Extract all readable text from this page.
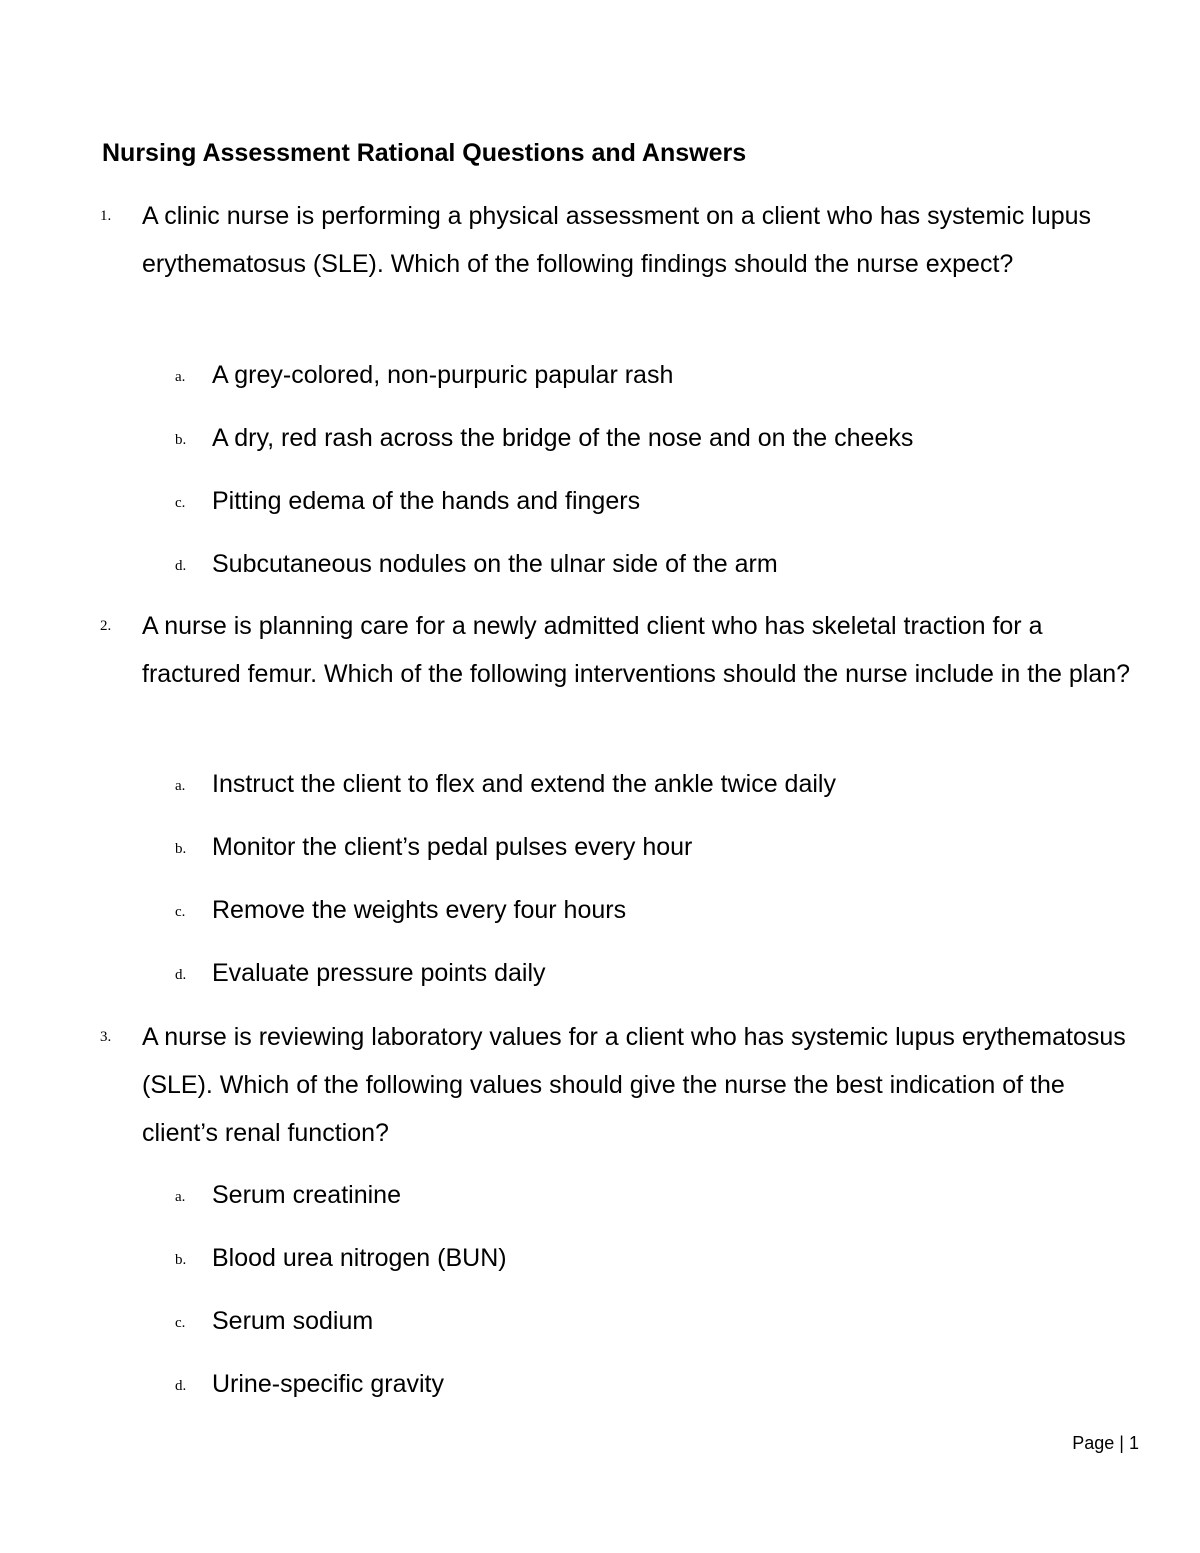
Nursing Assessment Rational Questions and Answers
1. A clinic nurse is performing a physical assessment on a client who has systemic lupus erythematosus (SLE). Which of the following findings should the nurse expect?

a. A grey-colored, non-purpuric papular rash
b. A dry, red rash across the bridge of the nose and on the cheeks
c. Pitting edema of the hands and fingers
d. Subcutaneous nodules on the ulnar side of the arm
2. A nurse is planning care for a newly admitted client who has skeletal traction for a fractured femur. Which of the following interventions should the nurse include in the plan?

a. Instruct the client to flex and extend the ankle twice daily
b. Monitor the client’s pedal pulses every hour
c. Remove the weights every four hours
d. Evaluate pressure points daily
3. A nurse is reviewing laboratory values for a client who has systemic lupus erythematosus (SLE). Which of the following values should give the nurse the best indication of the client’s renal function?

a. Serum creatinine
b. Blood urea nitrogen (BUN)
c. Serum sodium
d. Urine-specific gravity
Page | 1
